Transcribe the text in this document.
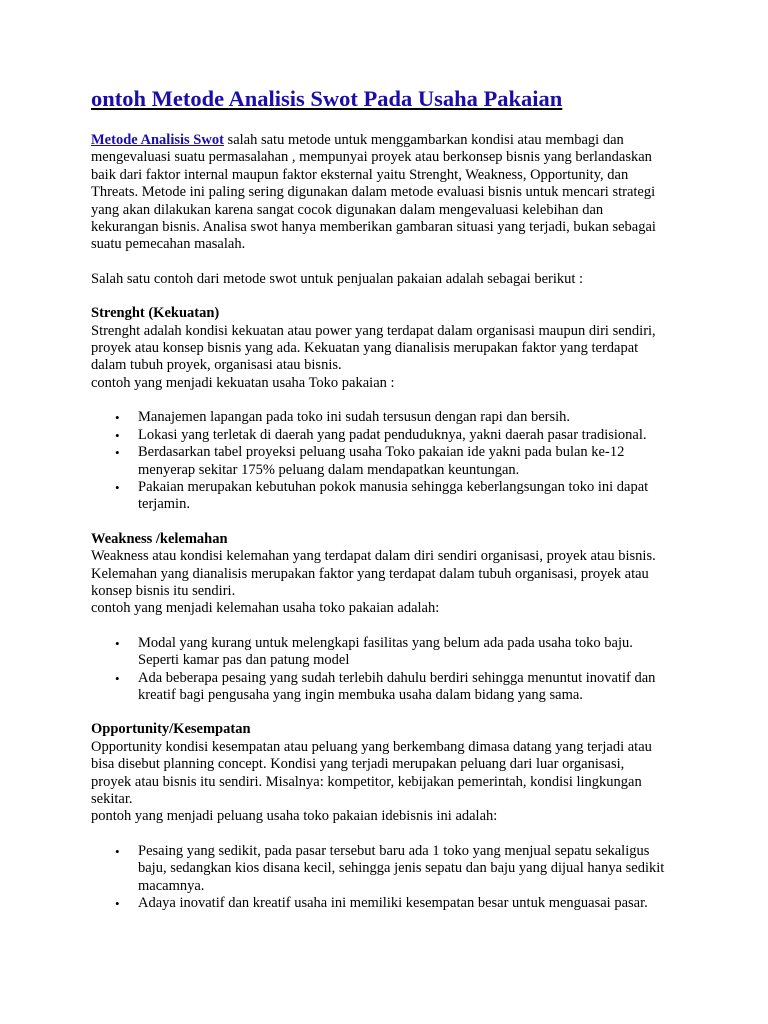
ontoh Metode Analisis Swot Pada Usaha Pakaian

Metode Analisis Swot salah satu metode untuk menggambarkan kondisi atau membagi dan mengevaluasi suatu permasalahan , mempunyai proyek atau berkonsep bisnis yang berlandaskan baik dari faktor internal maupun faktor eksternal yaitu Strenght, Weakness, Opportunity, dan Threats. Metode ini paling sering digunakan dalam metode evaluasi bisnis untuk mencari strategi yang akan dilakukan karena sangat cocok digunakan dalam mengevaluasi kelebihan dan kekurangan bisnis. Analisa swot hanya memberikan gambaran situasi yang terjadi, bukan sebagai suatu pemecahan masalah.

Salah satu contoh dari metode swot untuk penjualan pakaian adalah sebagai berikut :

Strenght (Kekuatan)

Strenght adalah kondisi kekuatan atau power yang terdapat dalam organisasi maupun diri sendiri, proyek atau konsep bisnis yang ada. Kekuatan yang dianalisis merupakan faktor yang terdapat dalam tubuh proyek, organisasi atau bisnis.

contoh yang menjadi kekuatan usaha Toko pakaian :

• Manajemen lapangan pada toko ini sudah tersusun dengan rapi dan bersih.
• Lokasi yang terletak di daerah yang padat penduduknya, yakni daerah pasar tradisional.
• Berdasarkan tabel proyeksi peluang usaha Toko pakaian ide yakni pada bulan ke-12 menyerap sekitar 175% peluang dalam mendapatkan keuntungan.
• Pakaian merupakan kebutuhan pokok manusia sehingga keberlangsungan toko ini dapat terjamin.

Weakness /kelemahan

Weakness atau kondisi kelemahan yang terdapat dalam diri sendiri organisasi, proyek atau bisnis. Kelemahan yang dianalisis merupakan faktor yang terdapat dalam tubuh organisasi, proyek atau konsep bisnis itu sendiri.

contoh yang menjadi kelemahan usaha toko pakaian adalah:

• Modal yang kurang untuk melengkapi fasilitas yang belum ada pada usaha toko baju. Seperti kamar pas dan patung model
• Ada beberapa pesaing yang sudah terlebih dahulu berdiri sehingga menuntut inovatif dan kreatif bagi pengusaha yang ingin membuka usaha dalam bidang yang sama.

Opportunity/Kesempatan

Opportunity kondisi kesempatan atau peluang yang berkembang dimasa datang yang terjadi atau bisa disebut planning concept. Kondisi yang terjadi merupakan peluang dari luar organisasi, proyek atau bisnis itu sendiri. Misalnya: kompetitor, kebijakan pemerintah, kondisi lingkungan sekitar.

pontoh yang menjadi peluang usaha toko pakaian idebisnis ini adalah:

• Pesaing yang sedikit, pada pasar tersebut baru ada 1 toko yang menjual sepatu sekaligus baju, sedangkan kios disana kecil, sehingga jenis sepatu dan baju yang dijual hanya sedikit macamnya.
• Adaya inovatif dan kreatif usaha ini memiliki kesempatan besar untuk menguasai pasar.
